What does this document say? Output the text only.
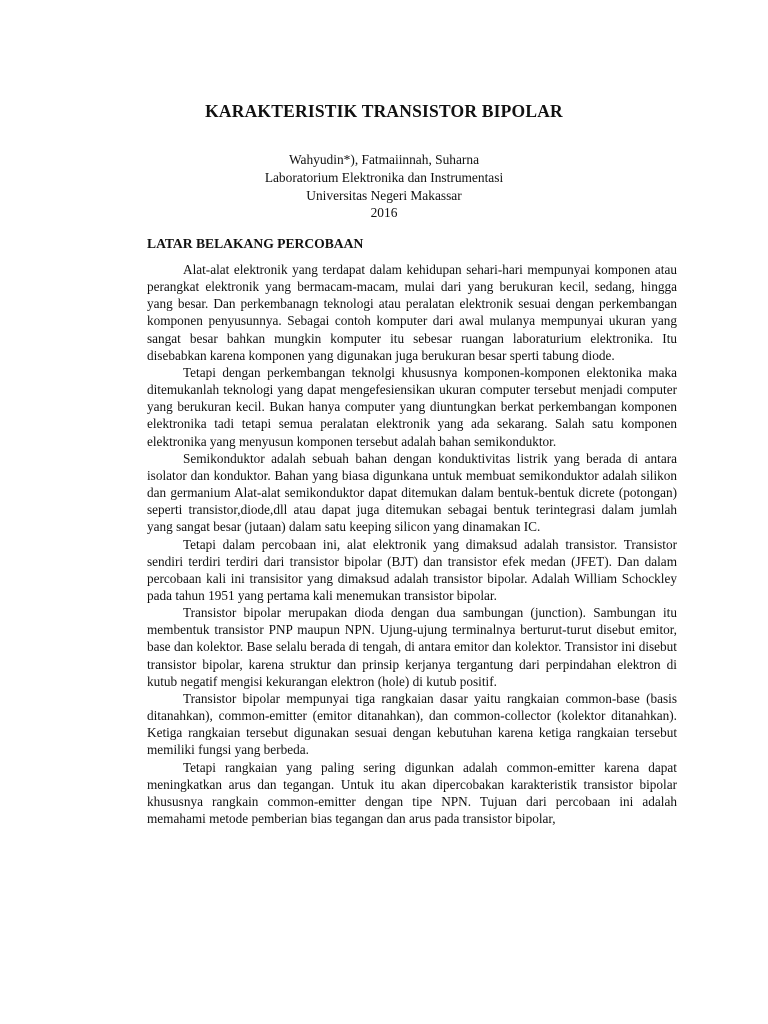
KARAKTERISTIK TRANSISTOR BIPOLAR
Wahyudin*), Fatmaiinnah, Suharna
Laboratorium Elektronika dan Instrumentasi
Universitas Negeri Makassar
2016
LATAR BELAKANG PERCOBAAN

Alat-alat elektronik yang terdapat dalam kehidupan sehari-hari mempunyai komponen atau perangkat elektronik yang bermacam-macam, mulai dari yang berukuran kecil, sedang, hingga yang besar. Dan perkembanagn teknologi atau peralatan elektronik sesuai dengan perkembangan komponen penyusunnya. Sebagai contoh komputer dari awal mulanya mempunyai ukuran yang sangat besar bahkan mungkin komputer itu sebesar ruangan laboraturium elektronika. Itu disebabkan karena komponen yang digunakan juga berukuran besar sperti tabung diode.

Tetapi dengan perkembangan teknolgi khususnya komponen-komponen elektonika maka ditemukanlah teknologi yang dapat mengefesiensikan ukuran computer tersebut menjadi computer yang berukuran kecil. Bukan hanya computer yang diuntungkan berkat perkembangan komponen elektronika tadi tetapi semua peralatan elektronik yang ada sekarang. Salah satu komponen elektronika yang menyusun komponen tersebut adalah bahan semikonduktor.

Semikonduktor adalah sebuah bahan dengan konduktivitas listrik yang berada di antara isolator dan konduktor. Bahan yang biasa digunkana untuk membuat semikonduktor adalah silikon dan germanium Alat-alat semikonduktor dapat ditemukan dalam bentuk-bentuk dicrete (potongan) seperti transistor,diode,dll atau dapat juga ditemukan sebagai bentuk terintegrasi dalam jumlah yang sangat besar (jutaan) dalam satu keeping silicon yang dinamakan IC.

Tetapi dalam percobaan ini, alat elektronik yang dimaksud adalah transistor. Transistor sendiri terdiri terdiri dari transistor bipolar (BJT) dan transistor efek medan (JFET). Dan dalam percobaan kali ini transisitor yang dimaksud adalah transistor bipolar. Adalah William Schockley pada tahun 1951 yang pertama kali menemukan transistor bipolar.

Transistor bipolar merupakan dioda dengan dua sambungan (junction). Sambungan itu membentuk transistor PNP maupun NPN. Ujung-ujung terminalnya berturut-turut disebut emitor, base dan kolektor. Base selalu berada di tengah, di antara emitor dan kolektor. Transistor ini disebut transistor bipolar, karena struktur dan prinsip kerjanya tergantung dari perpindahan elektron di kutub negatif mengisi kekurangan elektron (hole) di kutub positif.

Transistor bipolar mempunyai tiga rangkaian dasar yaitu rangkaian common-base (basis ditanahkan), common-emitter (emitor ditanahkan), dan common-collector (kolektor ditanahkan). Ketiga rangkaian tersebut digunakan sesuai dengan kebutuhan karena ketiga rangkaian tersebut memiliki fungsi yang berbeda.

Tetapi rangkaian yang paling sering digunkan adalah common-emitter karena dapat meningkatkan arus dan tegangan. Untuk itu akan dipercobakan karakteristik transistor bipolar khususnya rangkain common-emitter dengan tipe NPN. Tujuan dari percobaan ini adalah memahami metode pemberian bias tegangan dan arus pada transistor bipolar,
